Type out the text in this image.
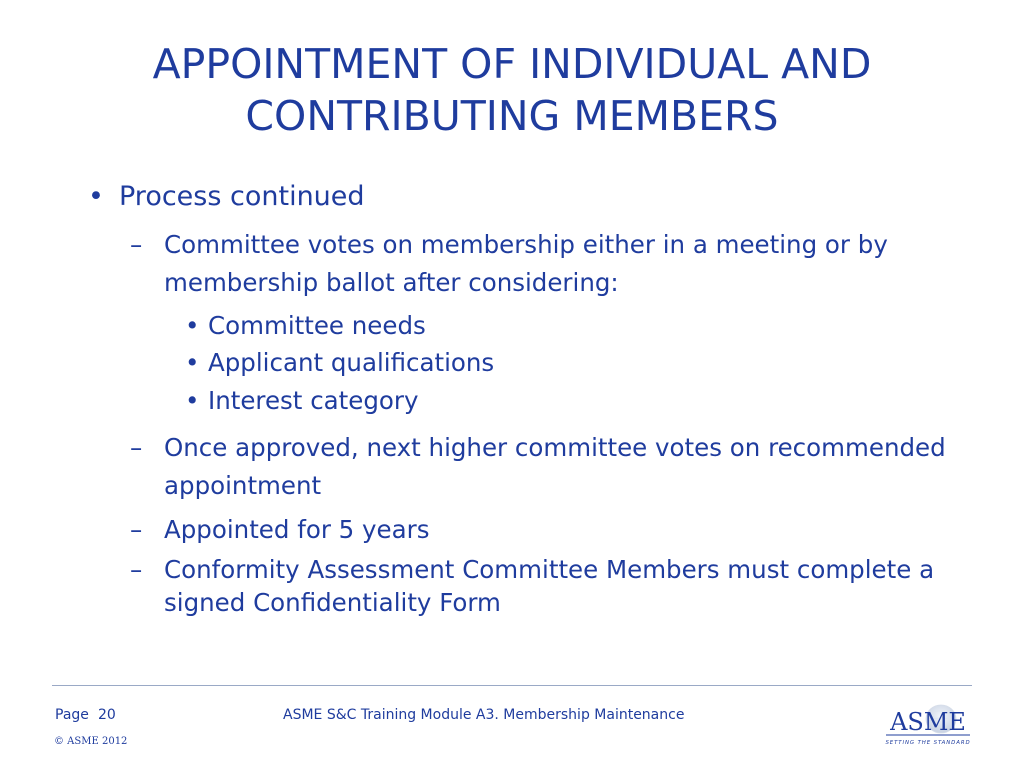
APPOINTMENT OF INDIVIDUAL AND
CONTRIBUTING MEMBERS
• Process continued
– Committee votes on membership either in a meeting or by membership ballot after considering:
• Committee needs
• Applicant qualifications
• Interest category
– Once approved, next higher committee votes on recommended appointment
– Appointed for 5 years
– Conformity Assessment Committee Members must complete a signed Confidentiality Form
Page 20	ASME S&C Training Module A3. Membership Maintenance
© ASME 2012
ASME
SETTING THE STANDARD
